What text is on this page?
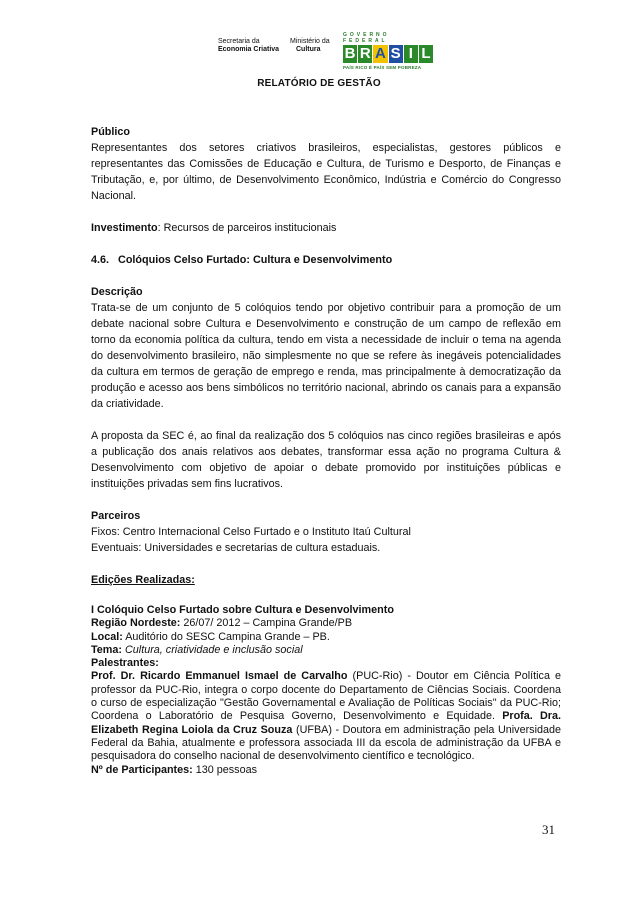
Secretaria da
Economia Criativa
Ministério da
Cultura
GOVERNO FEDERAL
B R A S I L
PAÍS RICO É PAÍS SEM POBREZA
RELATÓRIO DE GESTÃO

Público

Representantes dos setores criativos brasileiros, especialistas, gestores públicos e representantes das Comissões de Educação e Cultura, de Turismo e Desporto, de Finanças e Tributação, e, por último, de Desenvolvimento Econômico, Indústria e Comércio do Congresso Nacional.

Investimento: Recursos de parceiros institucionais

4.6. Colóquios Celso Furtado: Cultura e Desenvolvimento

Descrição

Trata-se de um conjunto de 5 colóquios tendo por objetivo contribuir para a promoção de um debate nacional sobre Cultura e Desenvolvimento e construção de um campo de reflexão em torno da economia política da cultura, tendo em vista a necessidade de incluir o tema na agenda do desenvolvimento brasileiro, não simplesmente no que se refere às inegáveis potencialidades da cultura em termos de geração de emprego e renda, mas principalmente à democratização da produção e acesso aos bens simbólicos no território nacional, abrindo os canais para a expansão da criatividade.

A proposta da SEC é, ao final da realização dos 5 colóquios nas cinco regiões brasileiras e após a publicação dos anais relativos aos debates, transformar essa ação no programa Cultura & Desenvolvimento com objetivo de apoiar o debate promovido por instituições públicas e instituições privadas sem fins lucrativos.

Parceiros

Fixos: Centro Internacional Celso Furtado e o Instituto Itaú Cultural

Eventuais: Universidades e secretarias de cultura estaduais.

Edições Realizadas:

I Colóquio Celso Furtado sobre Cultura e Desenvolvimento

Região Nordeste: 26/07/ 2012 – Campina Grande/PB

Local: Auditório do SESC Campina Grande – PB.

Tema: Cultura, criatividade e inclusão social

Palestrantes:

Prof. Dr. Ricardo Emmanuel Ismael de Carvalho (PUC-Rio) - Doutor em Ciência Política e professor da PUC-Rio, integra o corpo docente do Departamento de Ciências Sociais. Coordena o curso de especialização "Gestão Governamental e Avaliação de Políticas Sociais" da PUC-Rio; Coordena o Laboratório de Pesquisa Governo, Desenvolvimento e Equidade. Profa. Dra. Elizabeth Regina Loiola da Cruz Souza (UFBA) - Doutora em administração pela Universidade Federal da Bahia, atualmente e professora associada III da escola de administração da UFBA e pesquisadora do conselho nacional de desenvolvimento científico e tecnológico.

Nº de Participantes: 130 pessoas

31
